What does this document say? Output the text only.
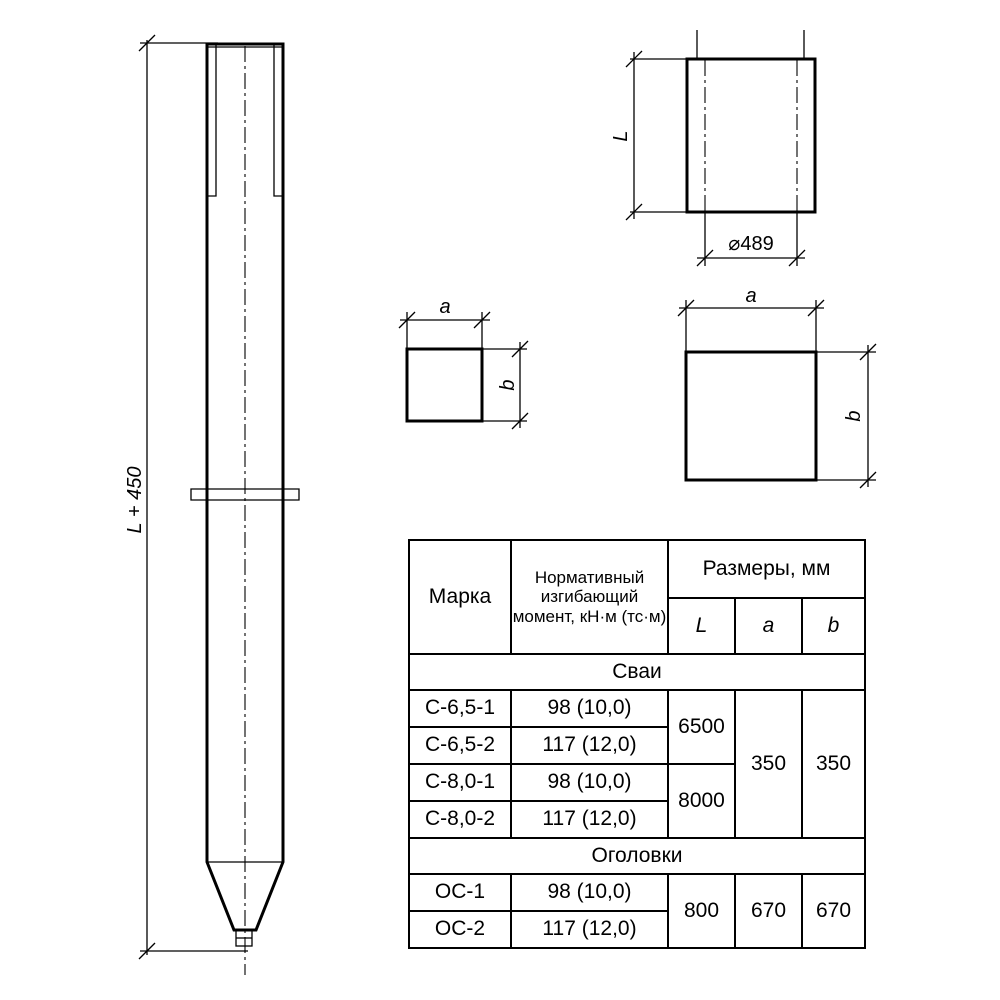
L + 450
L
⌀489
a
b
a
b
Марка	Нормативный изгибающий момент, кН·м (тс·м)	Размеры, мм		
		L	a	b
Сваи				
С-6,5-1	98 (10,0)	6500	350	350
С-6,5-2	117 (12,0)			
С-8,0-1	98 (10,0)	8000		
С-8,0-2	117 (12,0)			
Оголовки				
ОС-1	98 (10,0)	800	670	670
ОС-2	117 (12,0)			
